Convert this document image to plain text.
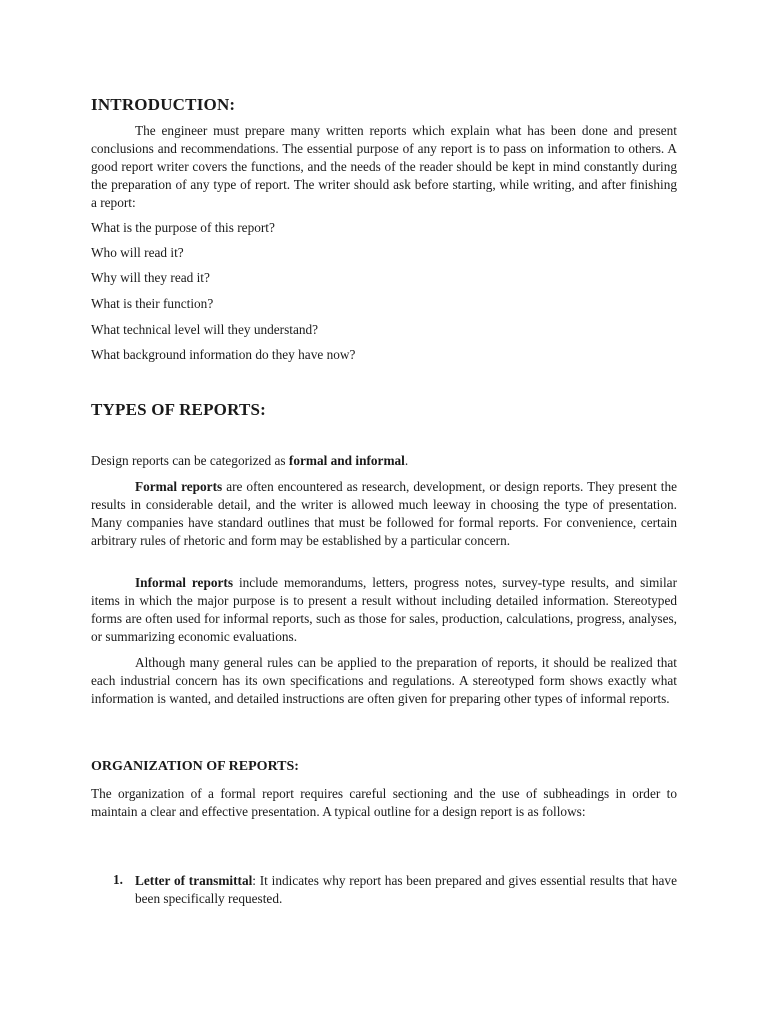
INTRODUCTION:
The engineer must prepare many written reports which explain what has been done and present conclusions and recommendations. The essential purpose of any report is to pass on information to others. A good report writer covers the functions, and the needs of the reader should be kept in mind constantly during the preparation of any type of report. The writer should ask before starting, while writing, and after finishing a report:
What is the purpose of this report?
Who will read it?
Why will they read it?
What is their function?
What technical level will they understand?
What background information do they have now?
TYPES OF REPORTS:
Design reports can be categorized as formal and informal.
Formal reports are often encountered as research, development, or design reports. They present the results in considerable detail, and the writer is allowed much leeway in choosing the type of presentation. Many companies have standard outlines that must be followed for formal reports. For convenience, certain arbitrary rules of rhetoric and form may be established by a particular concern.
Informal reports include memorandums, letters, progress notes, survey-type results, and similar items in which the major purpose is to present a result without including detailed information. Stereotyped forms are often used for informal reports, such as those for sales, production, calculations, progress, analyses, or summarizing economic evaluations.
Although many general rules can be applied to the preparation of reports, it should be realized that each industrial concern has its own specifications and regulations. A stereotyped form shows exactly what information is wanted, and detailed instructions are often given for preparing other types of informal reports.
ORGANIZATION OF REPORTS:
The organization of a formal report requires careful sectioning and the use of subheadings in order to maintain a clear and effective presentation. A typical outline for a design report is as follows:
1. Letter of transmittal: It indicates why report has been prepared and gives essential results that have been specifically requested.
